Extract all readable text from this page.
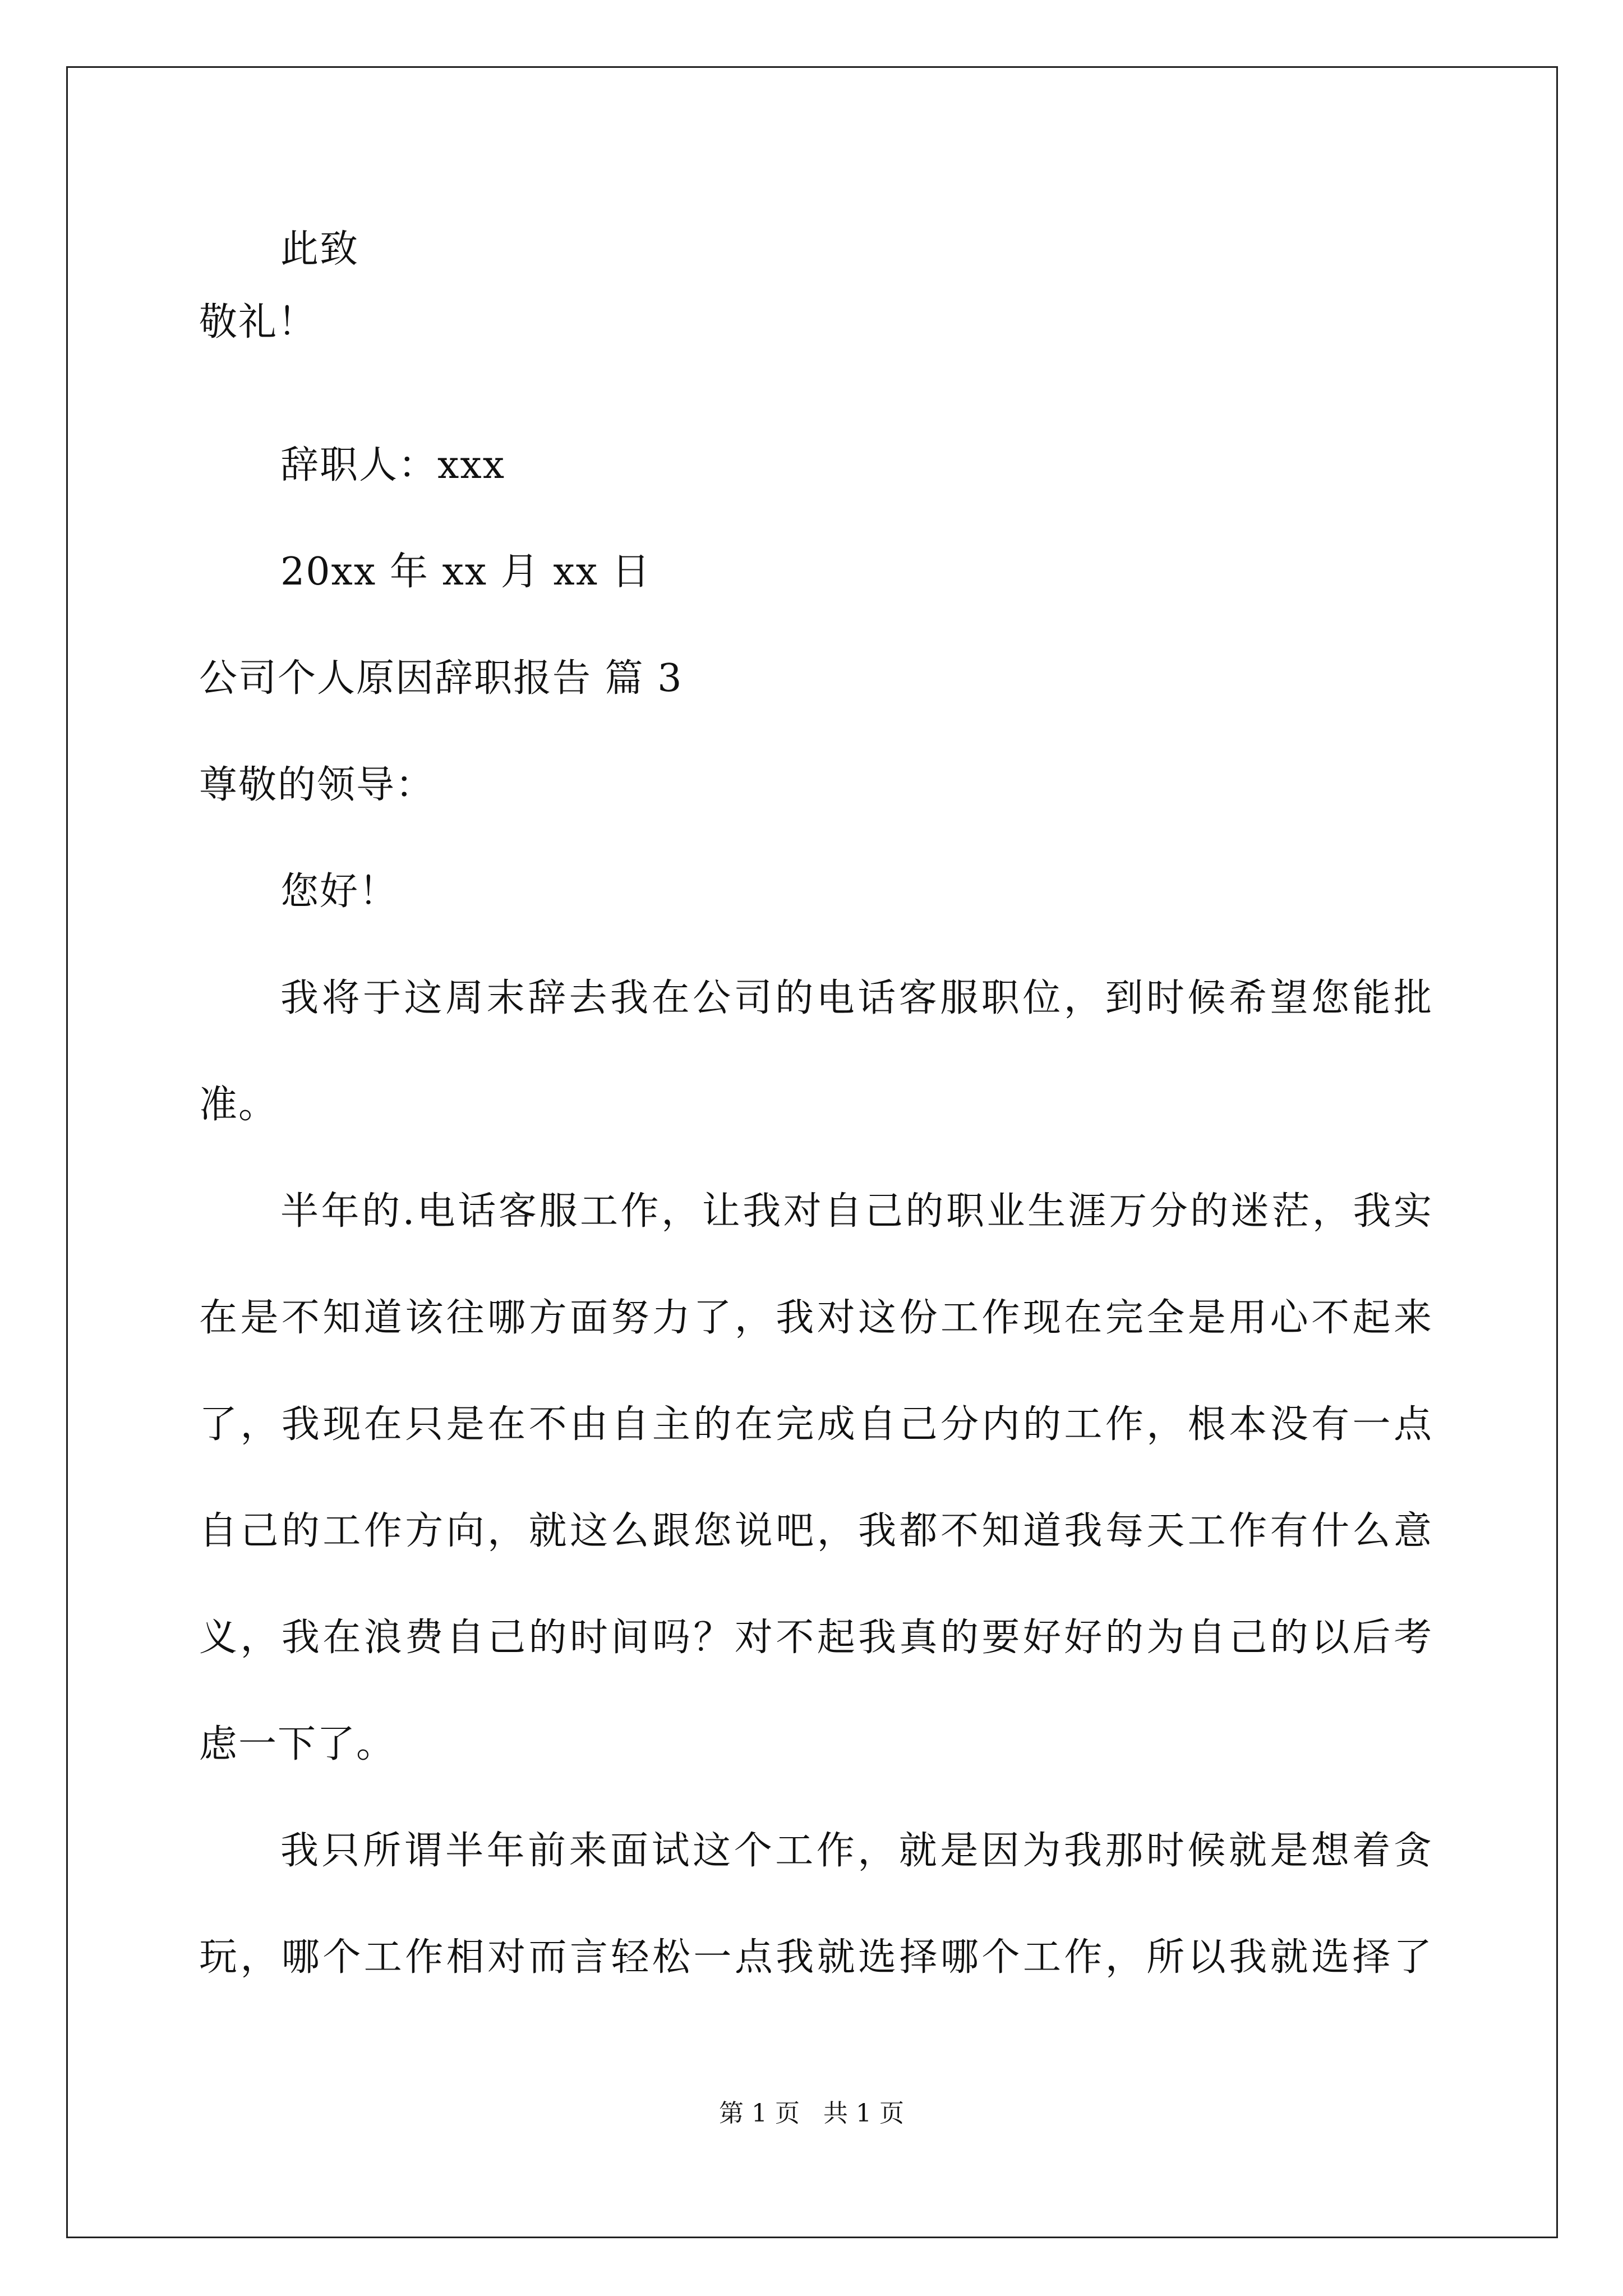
此致
敬礼！
辞职人：xxx
20xx 年 xx 月 xx 日
公司个人原因辞职报告 篇 3
尊敬的领导：
您好！
我将于这周末辞去我在公司的电话客服职位，到时候希望您能批
准。
半年的.电话客服工作，让我对自己的职业生涯万分的迷茫，我实
在是不知道该往哪方面努力了，我对这份工作现在完全是用心不起来
了，我现在只是在不由自主的在完成自己分内的工作，根本没有一点
自己的工作方向，就这么跟您说吧，我都不知道我每天工作有什么意
义，我在浪费自己的时间吗？对不起我真的要好好的为自己的以后考
虑一下了。
我只所谓半年前来面试这个工作，就是因为我那时候就是想着贪
玩，哪个工作相对而言轻松一点我就选择哪个工作，所以我就选择了
第 1 页   共 1 页
